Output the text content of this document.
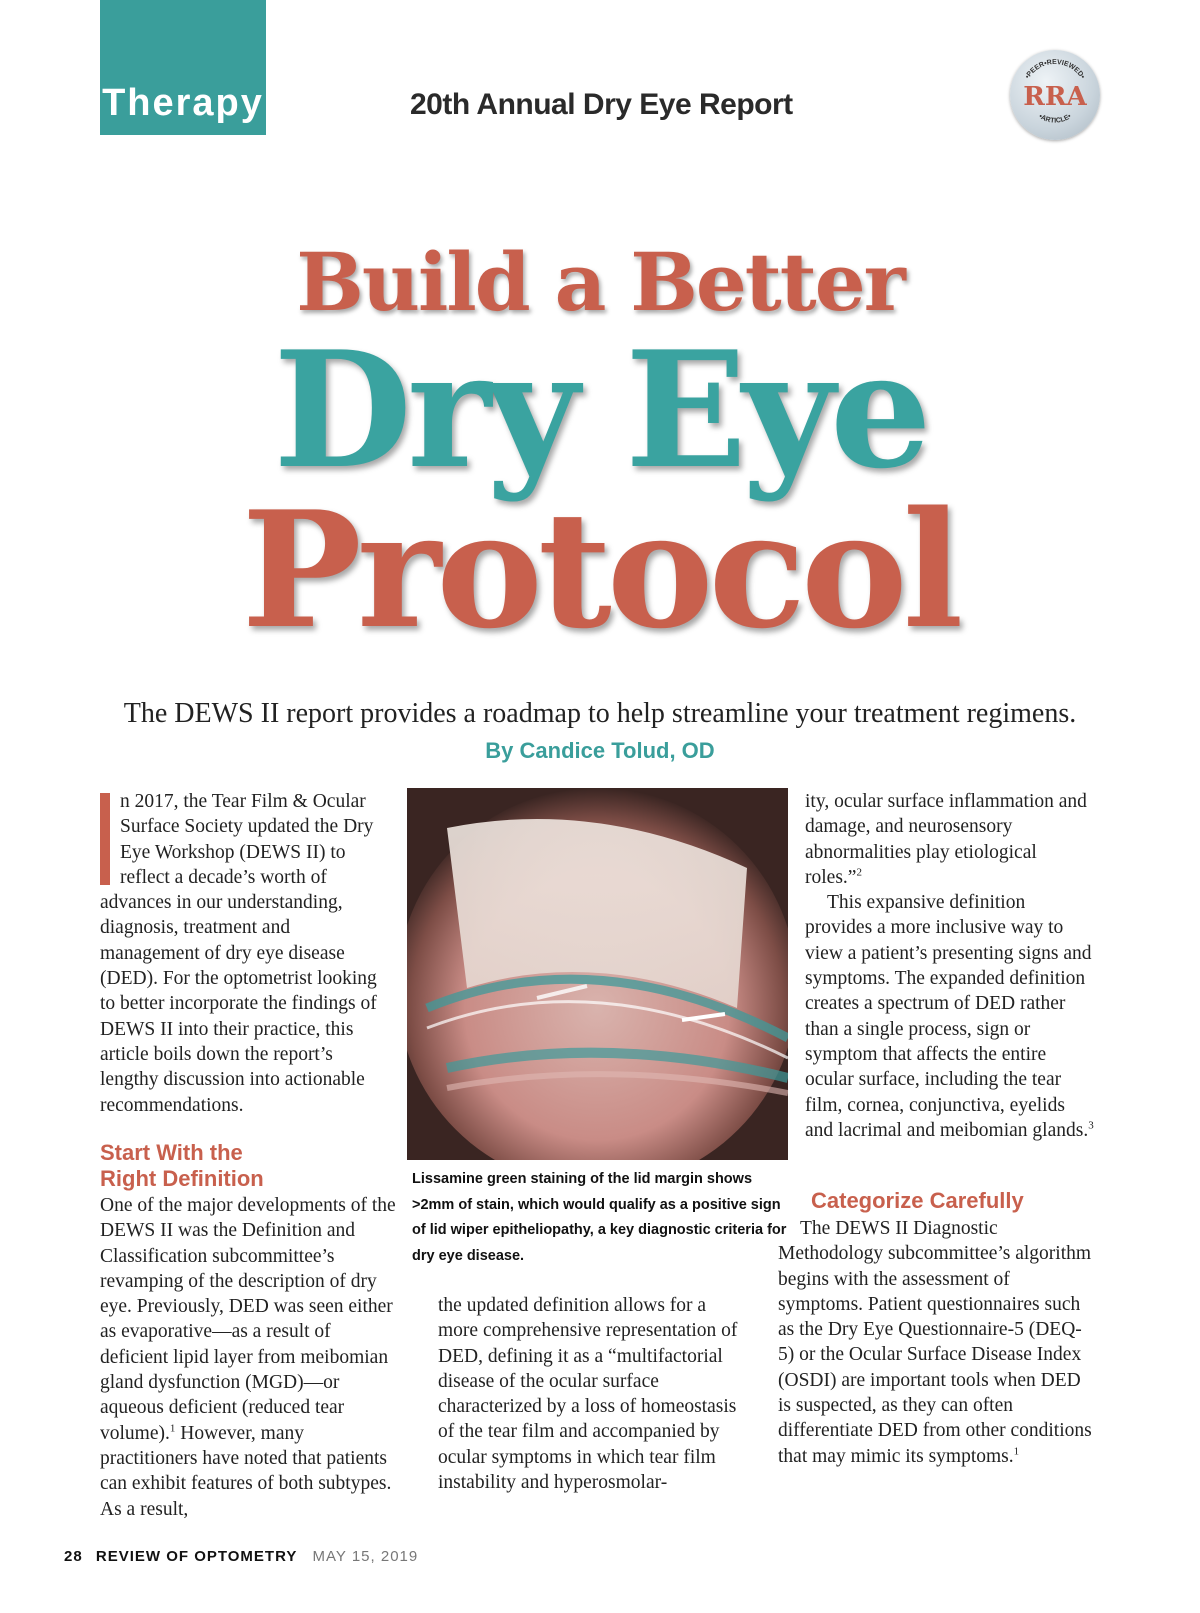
Therapy	20th Annual Dry Eye Report
•PEER•REVIEWED•
RRA
•ARTICLE•
Build a Better
Dry Eye
Protocol
The DEWS II report provides a roadmap to help streamline your treatment regimens.
By Candice Tolud, OD

n 2017, the Tear Film & Ocular Surface Society updated the Dry Eye Workshop (DEWS II) to reflect a decade’s worth of advances in our understanding, diagnosis, treatment and management of dry eye disease (DED). For the optometrist looking to better incorporate the findings of DEWS II into their practice, this article boils down the report’s lengthy discussion into actionable recommendations.

Start With the
Right Definition

One of the major developments of the DEWS II was the Definition and Classification subcommittee’s revamping of the description of dry eye. Previously, DED was seen either as evaporative—as a result of deficient lipid layer from meibomian gland dysfunction (MGD)—or aqueous deficient (reduced tear volume).$^1$ However, many practitioners have noted that patients can exhibit features of both subtypes. As a result,

Lissamine green staining of the lid margin shows >2mm of stain, which would qualify as a positive sign of lid wiper epitheliopathy, a key diagnostic criteria for dry eye disease.

the updated definition allows for a more comprehensive representation of DED, defining it as a “multifactorial disease of the ocular surface characterized by a loss of homeostasis of the tear film and accompanied by ocular symptoms in which tear film instability and hyperosmolar-

ity, ocular surface inflammation and damage, and neurosensory abnormalities play etiological roles.”$^2$

This expansive definition provides a more inclusive way to view a patient’s presenting signs and symptoms. The expanded definition creates a spectrum of DED rather than a single process, sign or symptom that affects the entire ocular surface, including the tear film, cornea, conjunctiva, eyelids and lacrimal and meibomian glands.$^3$

Categorize Carefully

The DEWS II Diagnostic Methodology subcommittee’s algorithm begins with the assessment of symptoms. Patient questionnaires such as the Dry Eye Questionnaire-5 (DEQ-5) or the Ocular Surface Disease Index (OSDI) are important tools when DED is suspected, as they can often differentiate DED from other conditions that may mimic its symptoms.$^1$

28 REVIEW OF OPTOMETRY MAY 15, 2019
